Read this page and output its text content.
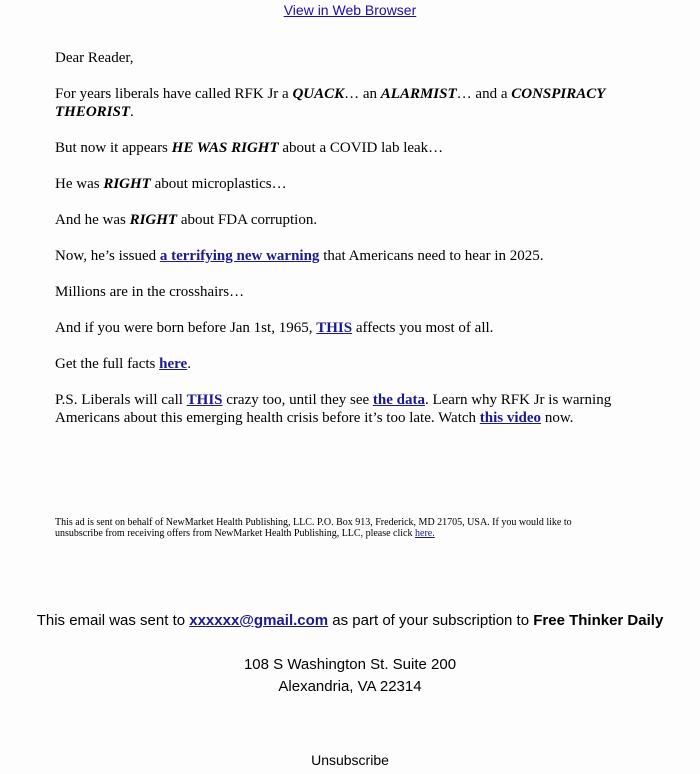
View in Web Browser

Dear Reader,

For years liberals have called RFK Jr a QUACK… an ALARMIST… and a CONSPIRACY THEORIST.

But now it appears HE WAS RIGHT about a COVID lab leak…

He was RIGHT about microplastics…

And he was RIGHT about FDA corruption.

Now, he’s issued a terrifying new warning that Americans need to hear in 2025.

Millions are in the crosshairs…

And if you were born before Jan 1st, 1965, THIS affects you most of all.

Get the full facts here.

P.S. Liberals will call THIS crazy too, until they see the data. Learn why RFK Jr is warning Americans about this emerging health crisis before it’s too late. Watch this video now.

This ad is sent on behalf of NewMarket Health Publishing, LLC. P.O. Box 913, Frederick, MD 21705, USA. If you would like to unsubscribe from receiving offers from NewMarket Health Publishing, LLC, please click here.
This email was sent to xxxxxx@gmail.com as part of your subscription to Free Thinker Daily
108 S Washington St. Suite 200
Alexandria, VA 22314
Unsubscribe
